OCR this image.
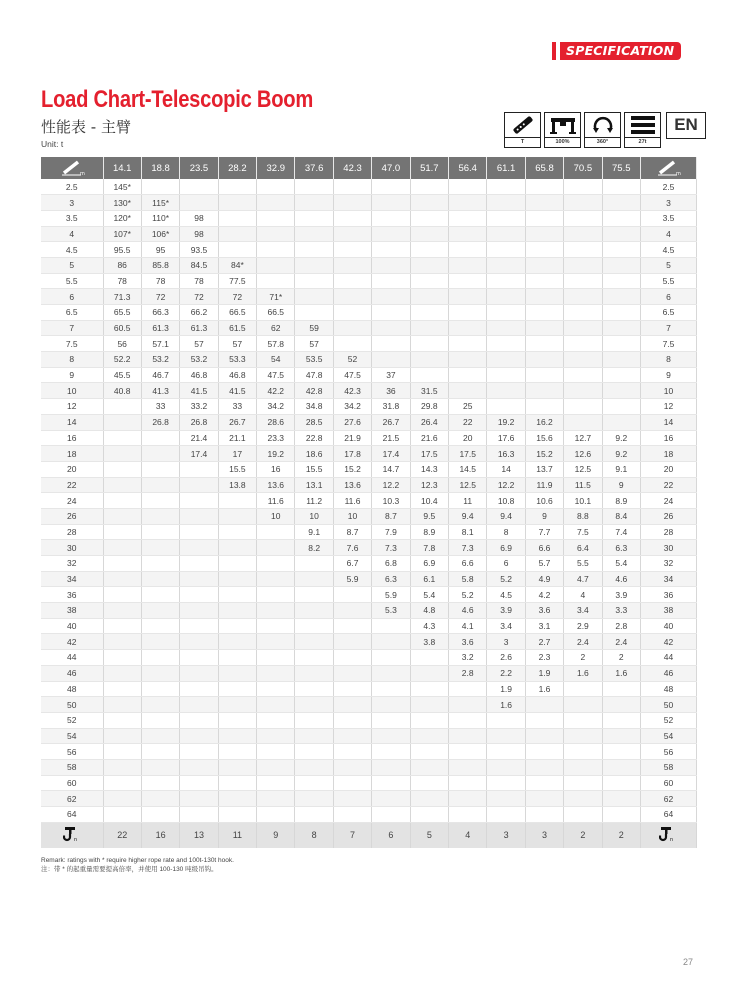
SPECIFICATION
Load Chart-Telescopic Boom
性能表 - 主臂
Unit: t	T	100%	360°	27t
EN
m	14.1	18.8	23.5	28.2	32.9	37.6	42.3	47.0	51.7	56.4	61.1	65.8	70.5	75.5	m

2.5	145*														2.5
3	130*	115*													3
3.5	120*	110*	98												3.5
4	107*	106*	98												4
4.5	95.5	95	93.5												4.5
5	86	85.8	84.5	84*											5
5.5	78	78	78	77.5											5.5
6	71.3	72	72	72	71*										6
6.5	65.5	66.3	66.2	66.5	66.5										6.5
7	60.5	61.3	61.3	61.5	62	59									7
7.5	56	57.1	57	57	57.8	57									7.5
8	52.2	53.2	53.2	53.3	54	53.5	52								8
9	45.5	46.7	46.8	46.8	47.5	47.8	47.5	37							9
10	40.8	41.3	41.5	41.5	42.2	42.8	42.3	36	31.5						10
12		33	33.2	33	34.2	34.8	34.2	31.8	29.8	25					12
14		26.8	26.8	26.7	28.6	28.5	27.6	26.7	26.4	22	19.2	16.2			14
16			21.4	21.1	23.3	22.8	21.9	21.5	21.6	20	17.6	15.6	12.7	9.2	16
18			17.4	17	19.2	18.6	17.8	17.4	17.5	17.5	16.3	15.2	12.6	9.2	18
20				15.5	16	15.5	15.2	14.7	14.3	14.5	14	13.7	12.5	9.1	20
22				13.8	13.6	13.1	13.6	12.2	12.3	12.5	12.2	11.9	11.5	9	22
24					11.6	11.2	11.6	10.3	10.4	11	10.8	10.6	10.1	8.9	24
26					10	10	10	8.7	9.5	9.4	9.4	9	8.8	8.4	26
28						9.1	8.7	7.9	8.9	8.1	8	7.7	7.5	7.4	28
30						8.2	7.6	7.3	7.8	7.3	6.9	6.6	6.4	6.3	30
32							6.7	6.8	6.9	6.6	6	5.7	5.5	5.4	32
34							5.9	6.3	6.1	5.8	5.2	4.9	4.7	4.6	34
36								5.9	5.4	5.2	4.5	4.2	4	3.9	36
38								5.3	4.8	4.6	3.9	3.6	3.4	3.3	38
40									4.3	4.1	3.4	3.1	2.9	2.8	40
42									3.8	3.6	3	2.7	2.4	2.4	42
44										3.2	2.6	2.3	2	2	44
46										2.8	2.2	1.9	1.6	1.6	46
48											1.9	1.6			48
50											1.6				50
52															52
54															54
56															56
58															58
60															60
62															62
64															64

n	22	16	13	11	9	8	7	6	5	4	3	3	2	2	n
Remark: ratings with * require higher rope rate and 100t-130t hook.
注：带 * 的起重量需要提高倍率，并使用 100-130 吨级吊钩。
27
